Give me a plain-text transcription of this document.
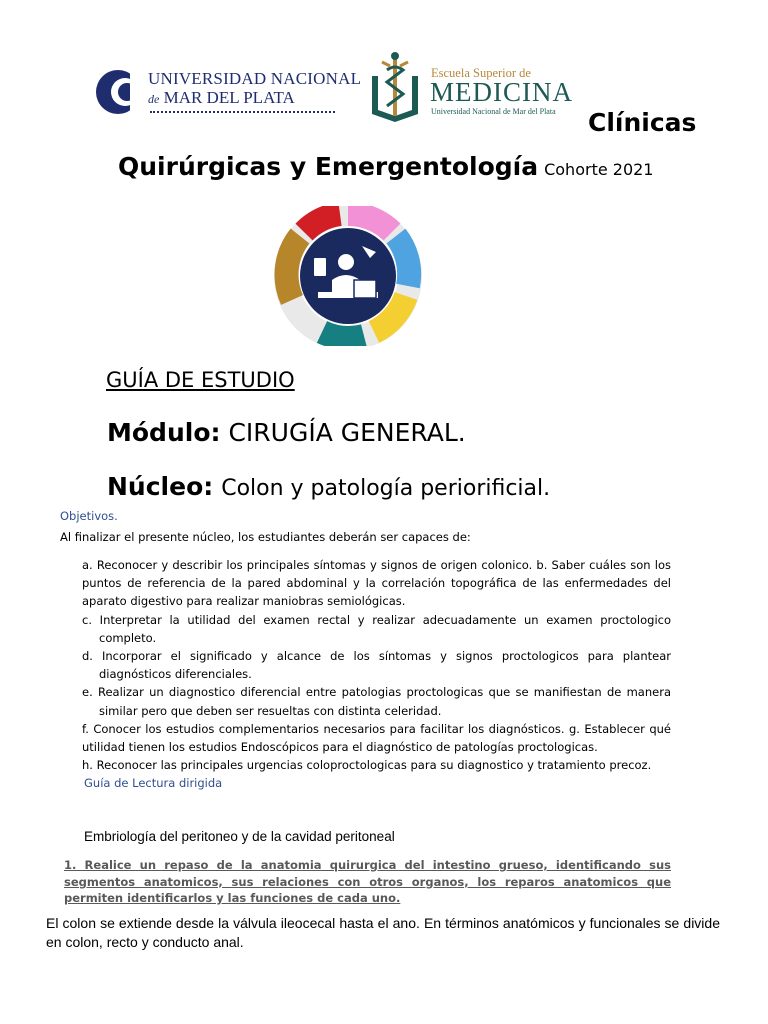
UNIVERSIDAD NACIONAL
de MAR DEL PLATA
Escuela Superior de
MEDICINA
Universidad Nacional de Mar del Plata Clínicas
Quirúrgicas y Emergentología Cohorte 2021
GUÍA DE ESTUDIO
Módulo: CIRUGÍA GENERAL.
Núcleo: Colon y patología periorificial.
Objetivos.
Al finalizar el presente núcleo, los estudiantes deberán ser capaces de:

a. Reconocer y describir los principales síntomas y signos de origen colonico. b. Saber cuáles son los puntos de referencia de la pared abdominal y la correlación topográfica de las enfermedades del aparato digestivo para realizar maniobras semiológicas.

c. Interpretar la utilidad del examen rectal y realizar adecuadamente un examen proctologico completo.

d. Incorporar el significado y alcance de los síntomas y signos proctologicos para plantear diagnósticos diferenciales.

e. Realizar un diagnostico diferencial entre patologias proctologicas que se manifiestan de manera similar pero que deben ser resueltas con distinta celeridad.

f. Conocer los estudios complementarios necesarios para facilitar los diagnósticos. g. Establecer qué utilidad tienen los estudios Endoscópicos para el diagnóstico de patologías proctologicas.

h. Reconocer las principales urgencias coloproctologicas para su diagnostico y tratamiento precoz.

Guía de Lectura dirigida
Embriología del peritoneo y de la cavidad peritoneal

1. Realice un repaso de la anatomia quirurgica del intestino grueso, identificando sus segmentos anatomicos, sus relaciones con otros organos, los reparos anatomicos que permiten identificarlos y las funciones de cada uno.

El colon se extiende desde la válvula ileocecal hasta el ano. En términos anatómicos y funcionales se divide en colon, recto y conducto anal.
